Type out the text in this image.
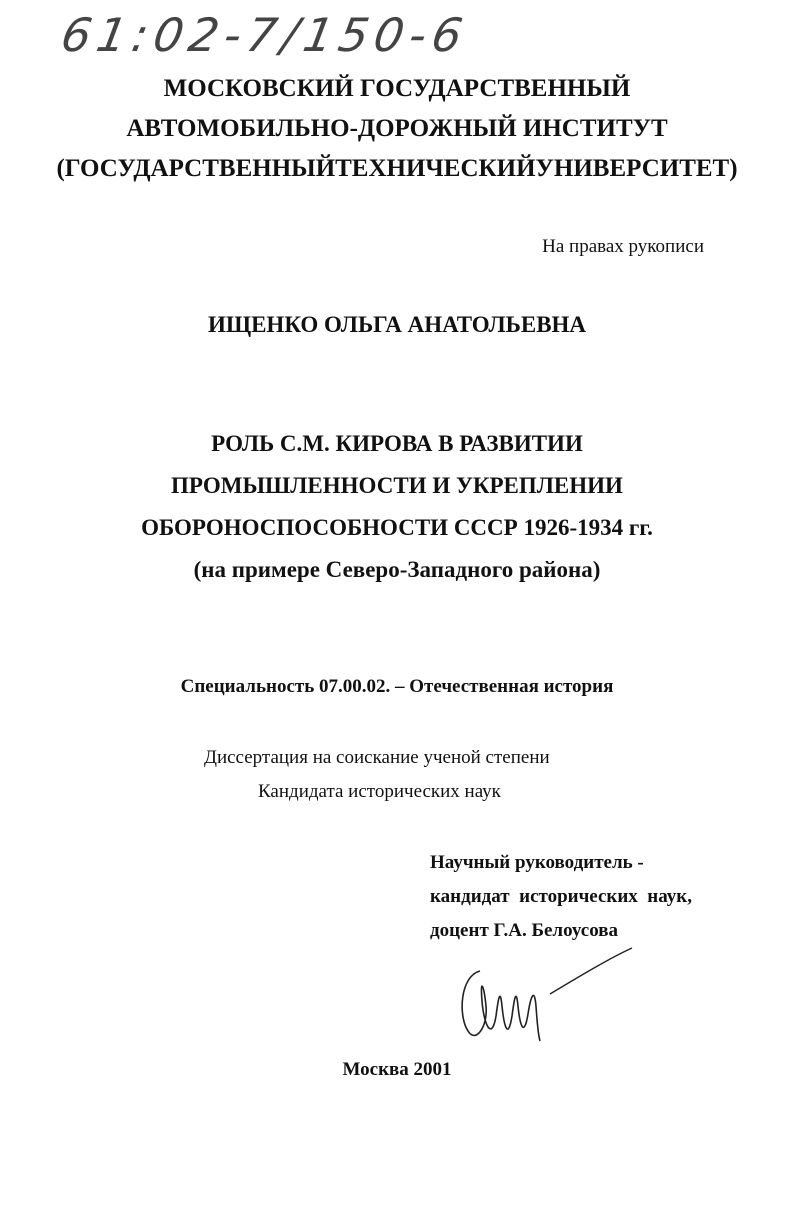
61:02-7/150-6
МОСКОВСКИЙ ГОСУДАРСТВЕННЫЙ
АВТОМОБИЛЬНО-ДОРОЖНЫЙ ИНСТИТУТ
(ГОСУДАРСТВЕННЫЙТЕХНИЧЕСКИЙУНИВЕРСИТЕТ)
На правах рукописи
ИЩЕНКО ОЛЬГА АНАТОЛЬЕВНА
РОЛЬ С.М. КИРОВА В РАЗВИТИИ
ПРОМЫШЛЕННОСТИ И УКРЕПЛЕНИИ
ОБОРОНОСПОСОБНОСТИ СССР 1926-1934 гг.
(на примере Северо-Западного района)
Специальность 07.00.02. – Отечественная история
Диссертация на соискание ученой степени
Кандидата исторических наук
Научный руководитель -
кандидат  исторических  наук,
доцент Г.А. Белоусова
Москва 2001
